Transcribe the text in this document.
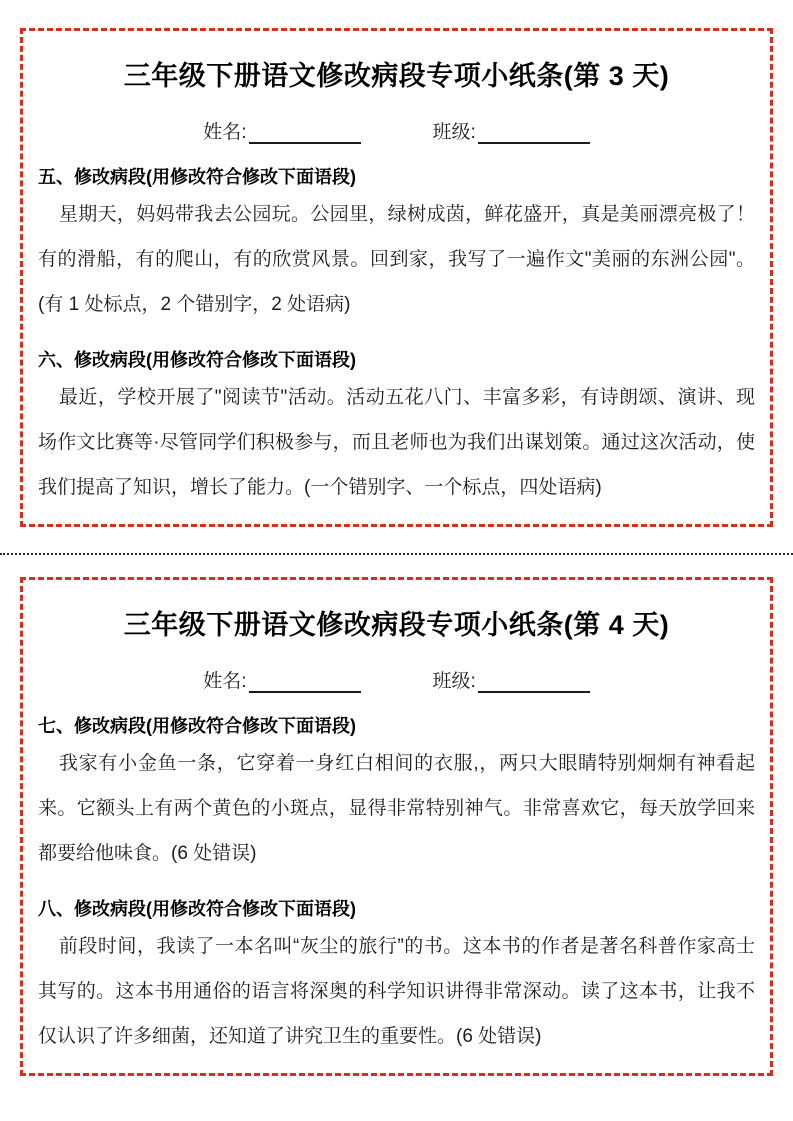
三年级下册语文修改病段专项小纸条(第 3 天)
姓名:	班级:
五、修改病段(用修改符合修改下面语段)

星期天，妈妈带我去公园玩。公园里，绿树成茵，鲜花盛开，真是美丽漂亮极了！有的滑船，有的爬山，有的欣赏风景。回到家，我写了一遍作文"美丽的东洲公园"。(有 1 处标点，2 个错别字，2 处语病)

六、修改病段(用修改符合修改下面语段)

最近，学校开展了"阅读节"活动。活动五花八门、丰富多彩，有诗朗颂、演讲、现场作文比赛等·尽管同学们积极参与，而且老师也为我们出谋划策。通过这次活动，使我们提高了知识，增长了能力。(一个错别字、一个标点，四处语病)

三年级下册语文修改病段专项小纸条(第 4 天)
姓名:	班级:
七、修改病段(用修改符合修改下面语段)

我家有小金鱼一条，它穿着一身红白相间的衣服,，两只大眼睛特别炯炯有神看起来。它额头上有两个黄色的小斑点，显得非常特别神气。非常喜欢它，每天放学回来都要给他味食。(6 处错误)

八、修改病段(用修改符合修改下面语段)

前段时间，我读了一本名叫“灰尘的旅行”的书。这本书的作者是著名科普作家高士其写的。这本书用通俗的语言将深奥的科学知识讲得非常深动。读了这本书，让我不仅认识了许多细菌，还知道了讲究卫生的重要性。(6 处错误)
